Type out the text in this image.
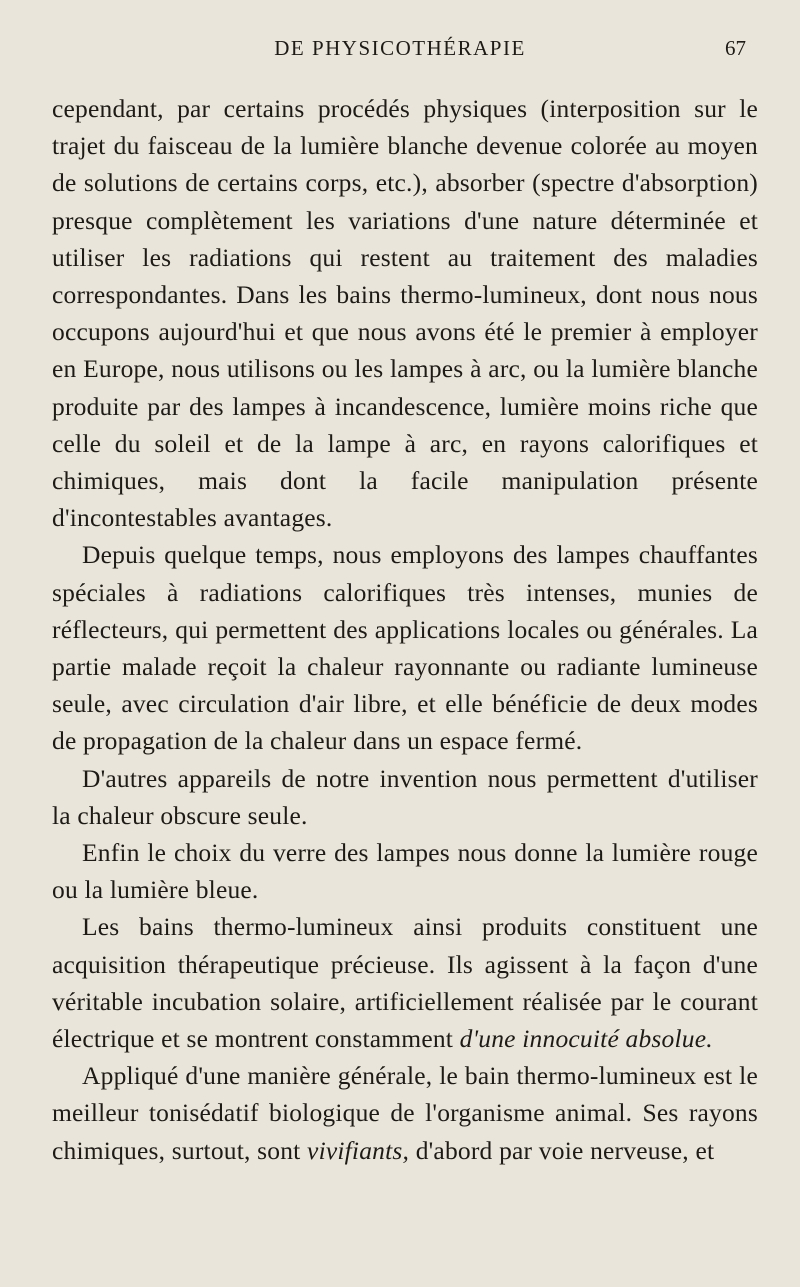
DE PHYSICOTHÉRAPIE	67

cependant, par certains procédés physiques (interposition sur le trajet du faisceau de la lumière blanche devenue colorée au moyen de solutions de certains corps, etc.), absorber (spectre d'absorption) presque complètement les variations d'une nature déterminée et utiliser les radiations qui restent au traitement des maladies correspondantes. Dans les bains thermo-lumineux, dont nous nous occupons aujourd'hui et que nous avons été le premier à employer en Europe, nous utilisons ou les lampes à arc, ou la lumière blanche produite par des lampes à incandescence, lumière moins riche que celle du soleil et de la lampe à arc, en rayons calorifiques et chimiques, mais dont la facile manipulation présente d'incontestables avantages.

Depuis quelque temps, nous employons des lampes chauffantes spéciales à radiations calorifiques très intenses, munies de réflecteurs, qui permettent des applications locales ou générales. La partie malade reçoit la chaleur rayonnante ou radiante lumineuse seule, avec circulation d'air libre, et elle bénéficie de deux modes de propagation de la chaleur dans un espace fermé.

D'autres appareils de notre invention nous permettent d'utiliser la chaleur obscure seule.

Enfin le choix du verre des lampes nous donne la lumière rouge ou la lumière bleue.

Les bains thermo-lumineux ainsi produits constituent une acquisition thérapeutique précieuse. Ils agissent à la façon d'une véritable incubation solaire, artificiellement réalisée par le courant électrique et se montrent constamment d'une innocuité absolue.

Appliqué d'une manière générale, le bain thermo-lumineux est le meilleur tonisédatif biologique de l'organisme animal. Ses rayons chimiques, surtout, sont vivifiants, d'abord par voie nerveuse, et
